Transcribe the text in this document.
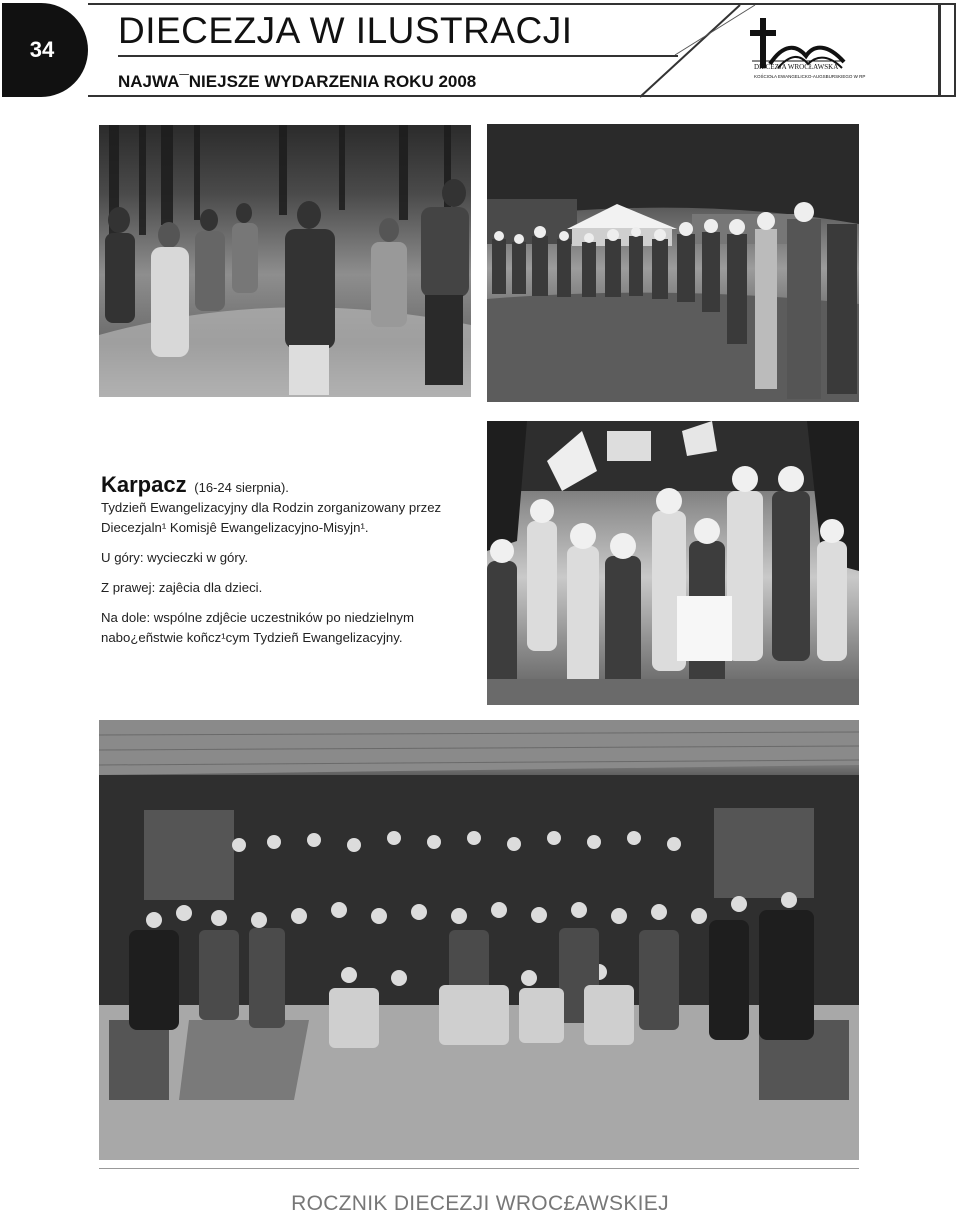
34 DIECEZJA W ILUSTRACJI
NAJWA¯NIEJSZE WYDARZENIA ROKU 2008
DIECEZJA WROCŁAWSKA
KOŚCIOŁA EWANGELICKO-AUGSBURSKIEGO W RP

Karpacz (16-24 sierpnia).

Tydzieñ Ewangelizacyjny dla Rodzin zorganizowany przez Diecezjaln¹ Komisjê Ewangelizacyjno-Misyjn¹.

U góry: wycieczki w góry.

Z prawej: zajêcia dla dzieci.

Na dole: wspólne zdjêcie uczestników po niedzielnym nabo¿eñstwie koñcz¹cym Tydzieñ Ewangelizacyjny.

ROCZNIK DIECEZJI WROC£AWSKIEJ
